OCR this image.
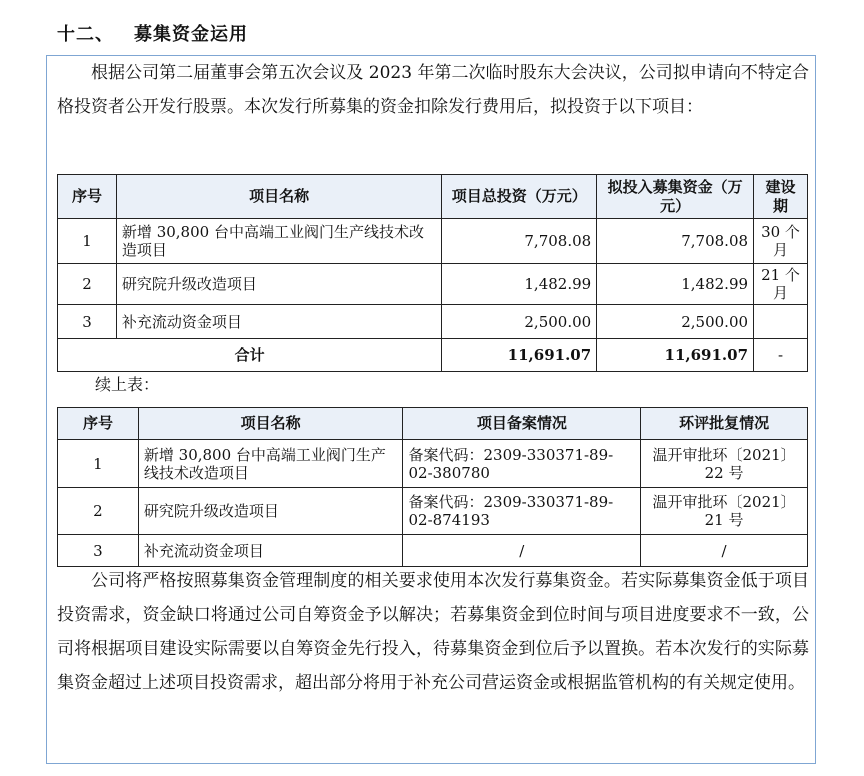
十二、 募集资金运用

根据公司第二届董事会第五次会议及 2023 年第二次临时股东大会决议，公司拟申请向不特定合格投资者公开发行股票。本次发行所募集的资金扣除发行费用后，拟投资于以下项目：

序号	项目名称	项目总投资（万元）	拟投入募集资金（万元）	建设期
1	新增 30,800 台中高端工业阀门生产线技术改造项目	7,708.08	7,708.08	30 个月
2	研究院升级改造项目	1,482.99	1,482.99	21 个月
3	补充流动资金项目	2,500.00	2,500.00	
合计		11,691.07	11,691.07	-
续上表：
序号	项目名称	项目备案情况	环评批复情况
1	新增 30,800 台中高端工业阀门生产线技术改造项目	备案代码：2309-330371-89-02-380780	温开审批环〔2021〕22 号
2	研究院升级改造项目	备案代码：2309-330371-89-02-874193	温开审批环〔2021〕21 号
3	补充流动资金项目	/	/

公司将严格按照募集资金管理制度的相关要求使用本次发行募集资金。若实际募集资金低于项目投资需求，资金缺口将通过公司自筹资金予以解决；若募集资金到位时间与项目进度要求不一致，公司将根据项目建设实际需要以自筹资金先行投入，待募集资金到位后予以置换。若本次发行的实际募集资金超过上述项目投资需求，超出部分将用于补充公司营运资金或根据监管机构的有关规定使用。
